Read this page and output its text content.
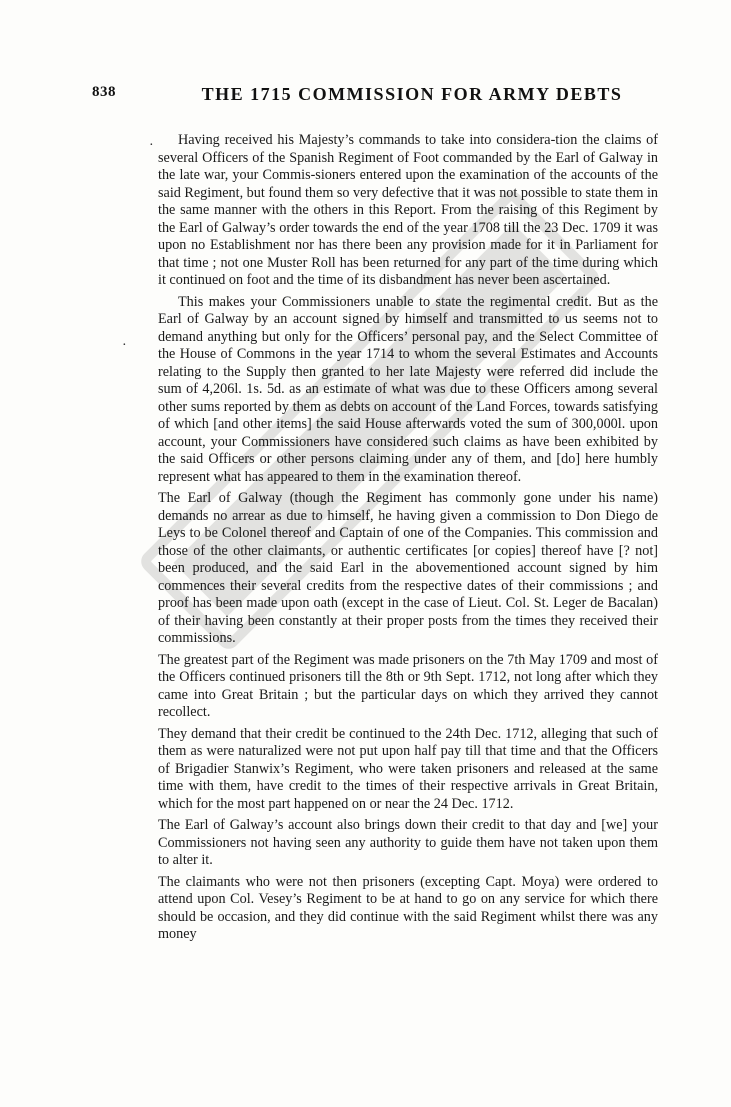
838	THE 1715 COMMISSION FOR ARMY DEBTS
·
·

Having received his Majesty’s commands to take into considera-tion the claims of several Officers of the Spanish Regiment of Foot commanded by the Earl of Galway in the late war, your Commis-sioners entered upon the examination of the accounts of the said Regiment, but found them so very defective that it was not possible to state them in the same manner with the others in this Report. From the raising of this Regiment by the Earl of Galway’s order towards the end of the year 1708 till the 23 Dec. 1709 it was upon no Establishment nor has there been any provision made for it in Parliament for that time ; not one Muster Roll has been returned for any part of the time during which it continued on foot and the time of its disbandment has never been ascertained.

This makes your Commissioners unable to state the regimental credit. But as the Earl of Galway by an account signed by himself and transmitted to us seems not to demand anything but only for the Officers’ personal pay, and the Select Committee of the House of Commons in the year 1714 to whom the several Estimates and Accounts relating to the Supply then granted to her late Majesty were referred did include the sum of 4,206l. 1s. 5d. as an estimate of what was due to these Officers among several other sums reported by them as debts on account of the Land Forces, towards satisfying of which [and other items] the said House afterwards voted the sum of 300,000l. upon account, your Commissioners have considered such claims as have been exhibited by the said Officers or other persons claiming under any of them, and [do] here humbly represent what has appeared to them in the examination thereof.

The Earl of Galway (though the Regiment has commonly gone under his name) demands no arrear as due to himself, he having given a commission to Don Diego de Leys to be Colonel thereof and Captain of one of the Companies. This commission and those of the other claimants, or authentic certificates [or copies] thereof have [? not] been produced, and the said Earl in the abovementioned account signed by him commences their several credits from the respective dates of their commissions ; and proof has been made upon oath (except in the case of Lieut. Col. St. Leger de Bacalan) of their having been constantly at their proper posts from the times they received their commissions.

The greatest part of the Regiment was made prisoners on the 7th May 1709 and most of the Officers continued prisoners till the 8th or 9th Sept. 1712, not long after which they came into Great Britain ; but the particular days on which they arrived they cannot recollect.

They demand that their credit be continued to the 24th Dec. 1712, alleging that such of them as were naturalized were not put upon half pay till that time and that the Officers of Brigadier Stanwix’s Regiment, who were taken prisoners and released at the same time with them, have credit to the times of their respective arrivals in Great Britain, which for the most part happened on or near the 24 Dec. 1712.

The Earl of Galway’s account also brings down their credit to that day and [we] your Commissioners not having seen any authority to guide them have not taken upon them to alter it.

The claimants who were not then prisoners (excepting Capt. Moya) were ordered to attend upon Col. Vesey’s Regiment to be at hand to go on any service for which there should be occasion, and they did continue with the said Regiment whilst there was any money
